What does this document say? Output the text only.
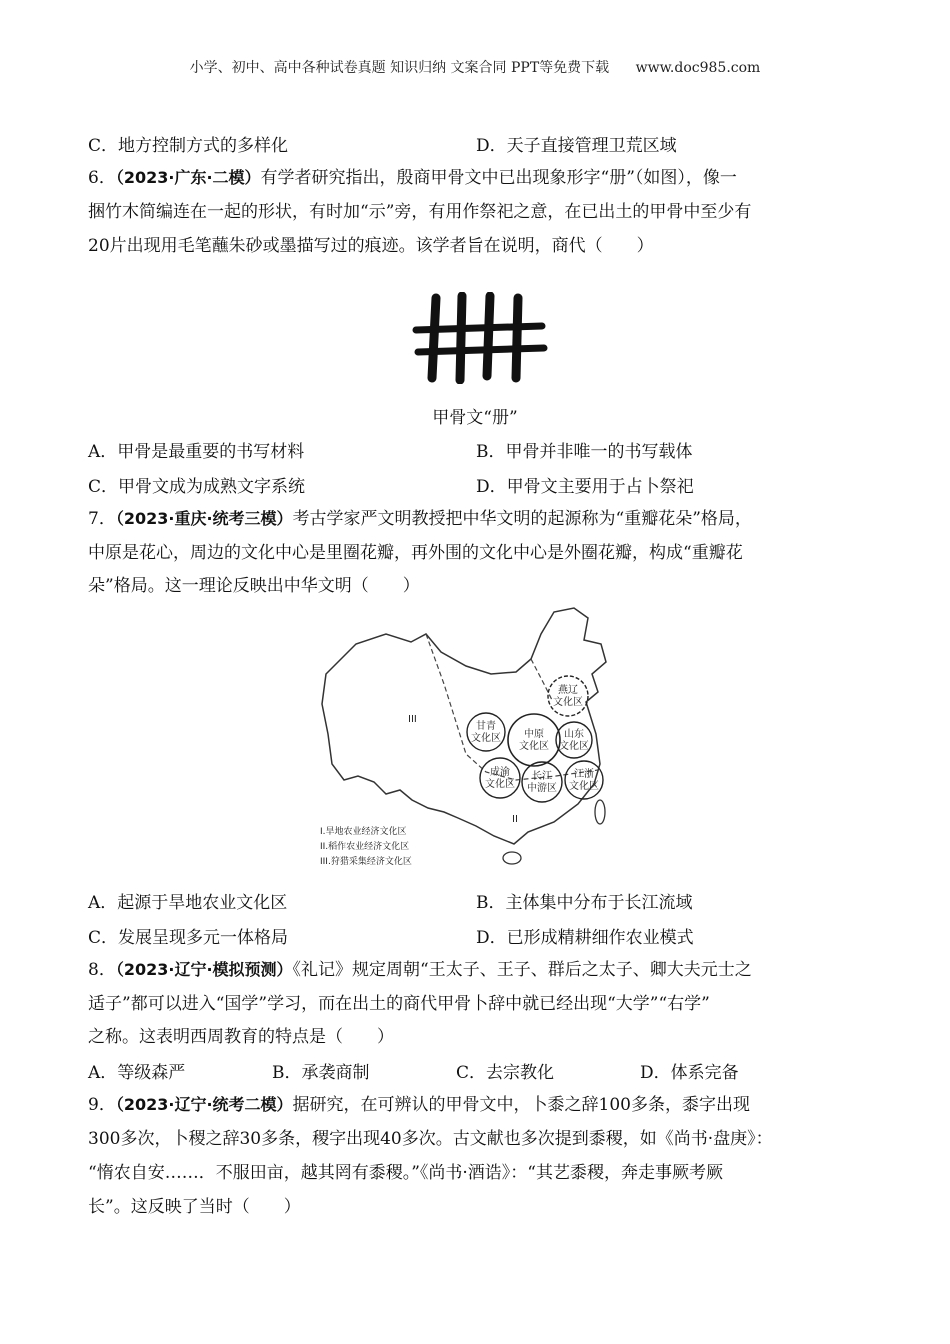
小学、初中、高中各种试卷真题 知识归纳 文案合同 PPT等免费下载 www.doc985.com
C．地方控制方式的多样化	D．天子直接管理卫荒区域
6．（2023·广东·二模）有学者研究指出，殷商甲骨文中已出现象形字“册”（如图），像一
捆竹木简编连在一起的形状，有时加“示”旁，有用作祭祀之意，在已出土的甲骨中至少有
20片出现用毛笔蘸朱砂或墨描写过的痕迹。该学者旨在说明，商代（　　）
甲骨文“册”
A．甲骨是最重要的书写材料	B．甲骨并非唯一的书写载体
C．甲骨文成为成熟文字系统	D．甲骨文主要用于占卜祭祀
7．（2023·重庆·统考三模）考古学家严文明教授把中华文明的起源称为“重瓣花朵”格局，
中原是花心，周边的文化中心是里圈花瓣，再外围的文化中心是外圈花瓣，构成“重瓣花
朵”格局。这一理论反映出中华文明（　　）
III
II
燕辽
文化区
甘青
文化区 中原
文化区
山东
文化区
成渝
文化区
长江
中游区
江浙
文化区
I.旱地农业经济文化区
II.稻作农业经济文化区
III.狩猎采集经济文化区
A．起源于旱地农业文化区	B．主体集中分布于长江流域
C．发展呈现多元一体格局	D．已形成精耕细作农业模式
8．（2023·辽宁·模拟预测）《礼记》规定周朝“王太子、王子、群后之太子、卿大夫元士之
适子”都可以进入“国学”学习，而在出土的商代甲骨卜辞中就已经出现“大学”“右学”
之称。这表明西周教育的特点是（　　）
A．等级森严	B．承袭商制	C．去宗教化	D．体系完备
9．（2023·辽宁·统考二模）据研究，在可辨认的甲骨文中，卜黍之辞100多条，黍字出现
300多次，卜稷之辞30多条，稷字出现40多次。古文献也多次提到黍稷，如《尚书·盘庚》：
“惰农自安……．不服田亩，越其罔有黍稷。”《尚书·酒诰》：“其艺黍稷，奔走事厥考厥
长”。这反映了当时（　　）
